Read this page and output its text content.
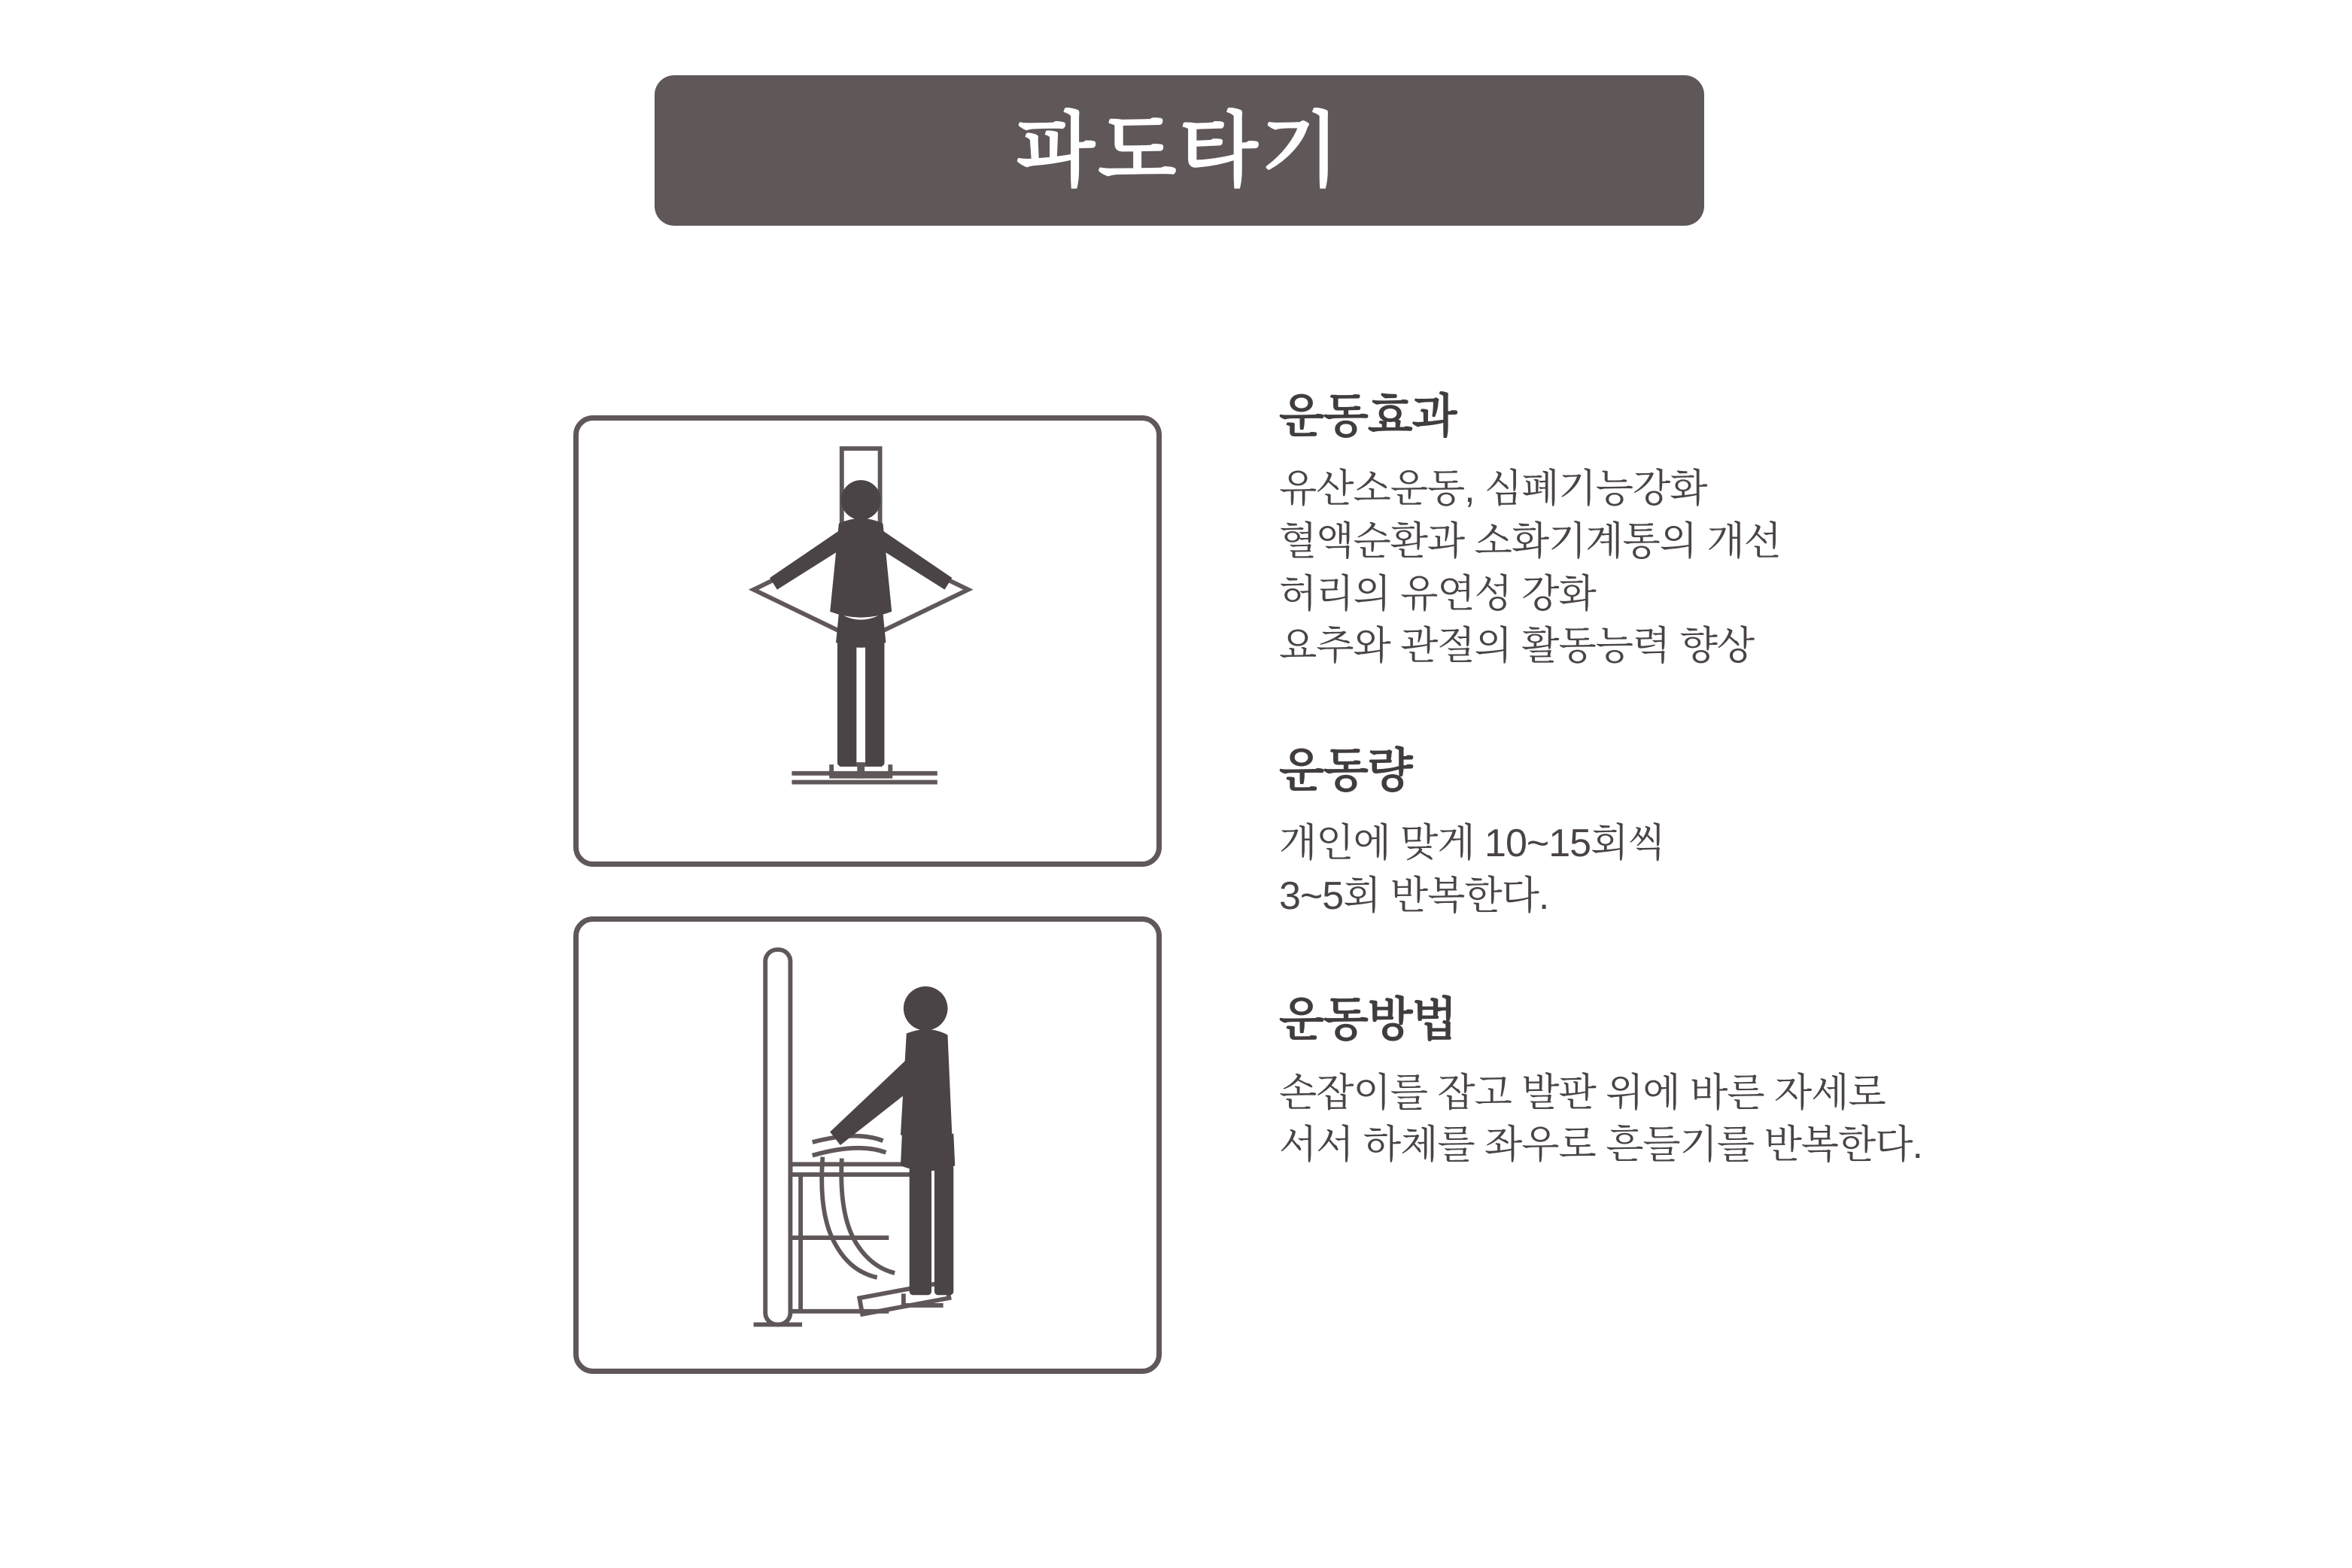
파도타기
운동효과
유산소운동, 심폐기능강화
혈액순환과 소화기계통의 개선
허리의 유연성 강화
요추와 관절의 활동능력 향상
운동량
개인에 맞게 10~15회씩
3~5회 반복한다.
운동방법
손잡이를 잡고 발판 위에 바른 자세로
서서 하체를 좌우로 흔들기를 반복한다.
